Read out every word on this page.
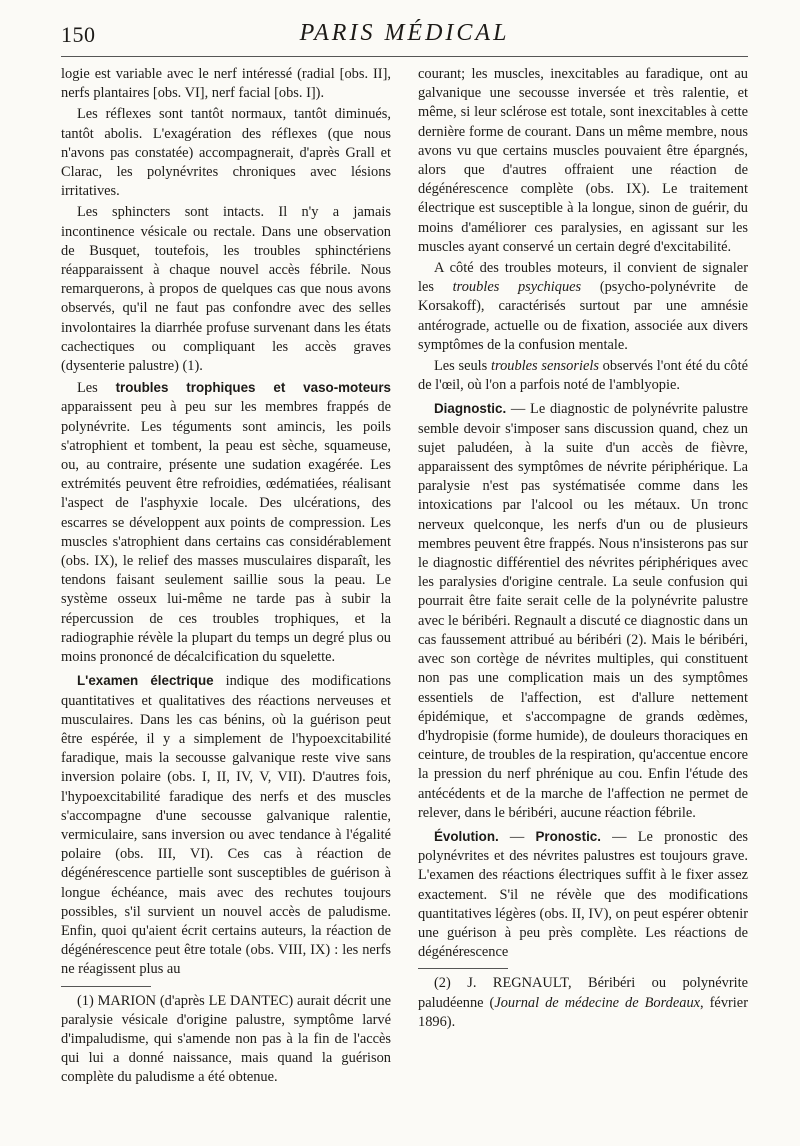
150	PARIS MÉDICAL

logie est variable avec le nerf intéressé (radial [obs. II], nerfs plantaires [obs. VI], nerf facial [obs. I]).

Les réflexes sont tantôt normaux, tantôt diminués, tantôt abolis. L'exagération des réflexes (que nous n'avons pas constatée) accompagnerait, d'après Grall et Clarac, les polynévrites chroniques avec lésions irritatives.

Les sphincters sont intacts. Il n'y a jamais incontinence vésicale ou rectale. Dans une observation de Busquet, toutefois, les troubles sphinctériens réapparaissent à chaque nouvel accès fébrile. Nous remarquerons, à propos de quelques cas que nous avons observés, qu'il ne faut pas confondre avec des selles involontaires la diarrhée profuse survenant dans les états cachectiques ou compliquant les accès graves (dysenterie palustre) (1).

Les troubles trophiques et vaso-moteurs apparaissent peu à peu sur les membres frappés de polynévrite. Les téguments sont amincis, les poils s'atrophient et tombent, la peau est sèche, squameuse, ou, au contraire, présente une sudation exagérée. Les extrémités peuvent être refroidies, œdématiées, réalisant l'aspect de l'asphyxie locale. Des ulcérations, des escarres se développent aux points de compression. Les muscles s'atrophient dans certains cas considérablement (obs. IX), le relief des masses musculaires disparaît, les tendons faisant seulement saillie sous la peau. Le système osseux lui-même ne tarde pas à subir la répercussion de ces troubles trophiques, et la radiographie révèle la plupart du temps un degré plus ou moins prononcé de décalcification du squelette.

L'examen électrique indique des modifications quantitatives et qualitatives des réactions nerveuses et musculaires. Dans les cas bénins, où la guérison peut être espérée, il y a simplement de l'hypoexcitabilité faradique, mais la secousse galvanique reste vive sans inversion polaire (obs. I, II, IV, V, VII). D'autres fois, l'hypoexcitabilité faradique des nerfs et des muscles s'accompagne d'une secousse galvanique ralentie, vermiculaire, sans inversion ou avec tendance à l'égalité polaire (obs. III, VI). Ces cas à réaction de dégénérescence partielle sont susceptibles de guérison à longue échéance, mais avec des rechutes toujours possibles, s'il survient un nouvel accès de paludisme. Enfin, quoi qu'aient écrit certains auteurs, la réaction de dégénérescence peut être totale (obs. VIII, IX) : les nerfs ne réagissent plus au

(1) MARION (d'après LE DANTEC) aurait décrit une paralysie vésicale d'origine palustre, symptôme larvé d'impaludisme, qui s'amende non pas à la fin de l'accès qui lui a donné naissance, mais quand la guérison complète du paludisme a été obtenue.

courant; les muscles, inexcitables au faradique, ont au galvanique une secousse inversée et très ralentie, et même, si leur sclérose est totale, sont inexcitables à cette dernière forme de courant. Dans un même membre, nous avons vu que certains muscles pouvaient être épargnés, alors que d'autres offraient une réaction de dégénérescence complète (obs. IX). Le traitement électrique est susceptible à la longue, sinon de guérir, du moins d'améliorer ces paralysies, en agissant sur les muscles ayant conservé un certain degré d'excitabilité.

A côté des troubles moteurs, il convient de signaler les troubles psychiques (psycho-polynévrite de Korsakoff), caractérisés surtout par une amnésie antérograde, actuelle ou de fixation, associée aux divers symptômes de la confusion mentale.

Les seuls troubles sensoriels observés l'ont été du côté de l'œil, où l'on a parfois noté de l'amblyopie.

Diagnostic. — Le diagnostic de polynévrite palustre semble devoir s'imposer sans discussion quand, chez un sujet paludéen, à la suite d'un accès de fièvre, apparaissent des symptômes de névrite périphérique. La paralysie n'est pas systématisée comme dans les intoxications par l'alcool ou les métaux. Un tronc nerveux quelconque, les nerfs d'un ou de plusieurs membres peuvent être frappés. Nous n'insisterons pas sur le diagnostic différentiel des névrites périphériques avec les paralysies d'origine centrale. La seule confusion qui pourrait être faite serait celle de la polynévrite palustre avec le béribéri. Regnault a discuté ce diagnostic dans un cas faussement attribué au béribéri (2). Mais le béribéri, avec son cortège de névrites multiples, qui constituent non pas une complication mais un des symptômes essentiels de l'affection, est d'allure nettement épidémique, et s'accompagne de grands œdèmes, d'hydropisie (forme humide), de douleurs thoraciques en ceinture, de troubles de la respiration, qu'accentue encore la pression du nerf phrénique au cou. Enfin l'étude des antécédents et de la marche de l'affection ne permet de relever, dans le béribéri, aucune réaction fébrile.

Évolution. — Pronostic. — Le pronostic des polynévrites et des névrites palustres est toujours grave. L'examen des réactions électriques suffit à le fixer assez exactement. S'il ne révèle que des modifications quantitatives légères (obs. II, IV), on peut espérer obtenir une guérison à peu près complète. Les réactions de dégénérescence

(2) J. REGNAULT, Béribéri ou polynévrite paludéenne (Journal de médecine de Bordeaux, février 1896).
